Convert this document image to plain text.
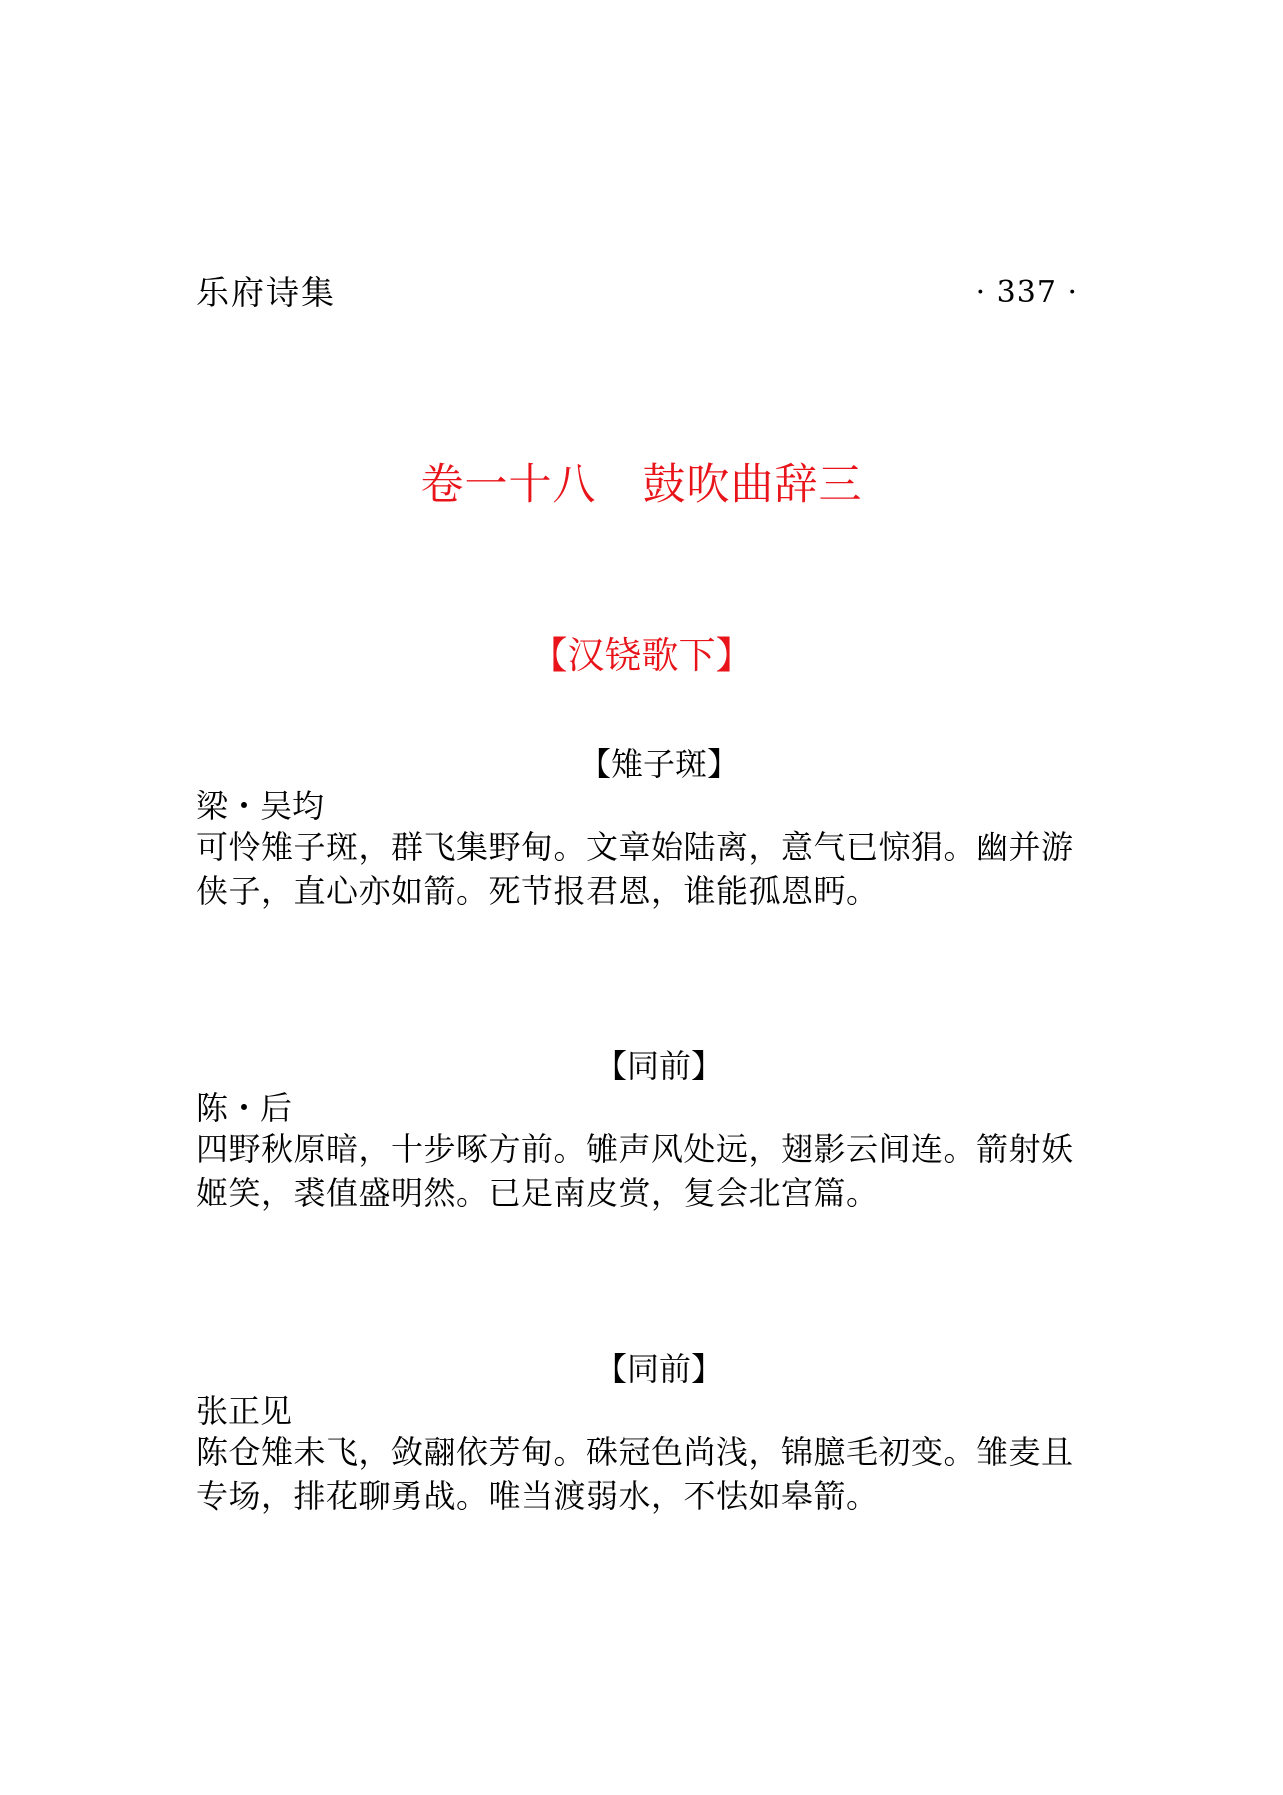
乐府诗集	· 337 ·
卷一十八 鼓吹曲辞三
【汉铙歌下】
【雉子斑】
梁・吴均
可怜雉子斑，群飞集野甸。文章始陆离，意气已惊狷。幽并游侠子，直心亦如箭。死节报君恩，谁能孤恩眄。
【同前】
陈・后
四野秋原暗，十步啄方前。雊声风处远，翅影云间连。箭射妖姬笑，裘值盛明然。已足南皮赏，复会北宫篇。
【同前】
张正见
陈仓雉未飞，敛翮依芳甸。硃冠色尚浅，锦臆毛初变。雏麦且专场，排花聊勇战。唯当渡弱水，不怯如皋箭。
